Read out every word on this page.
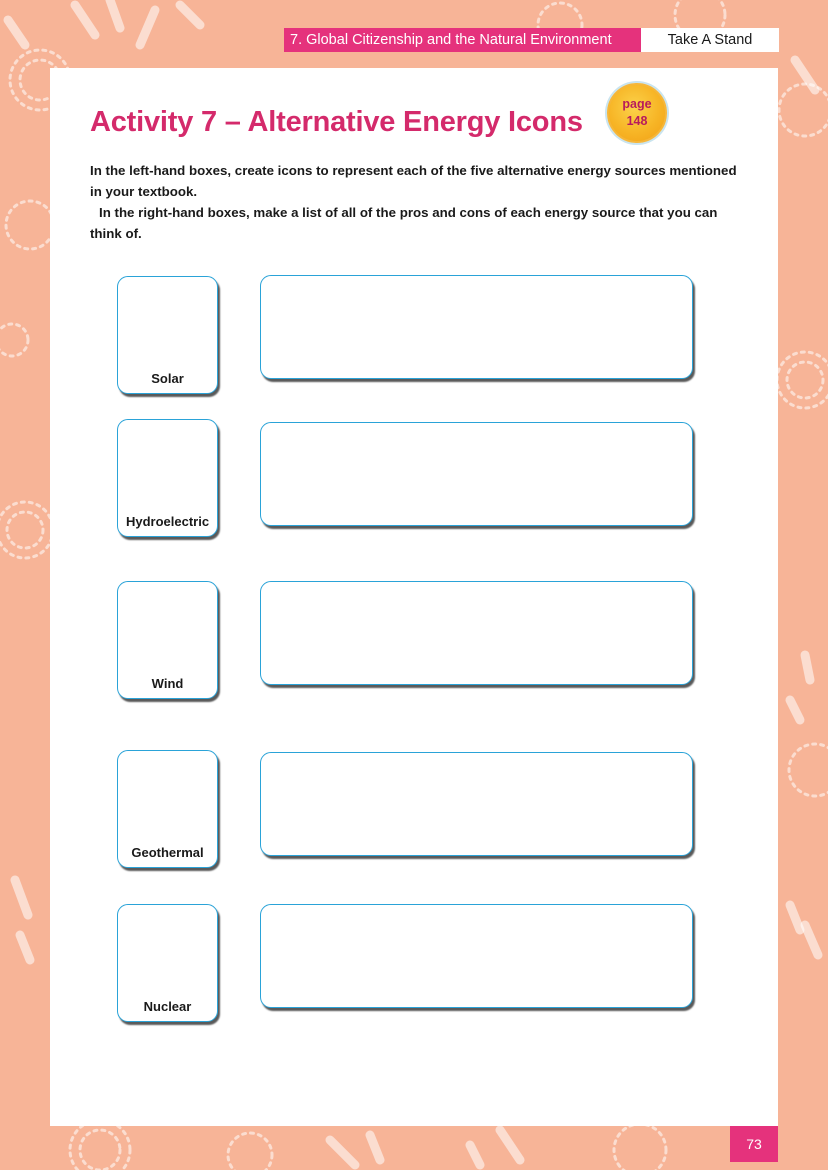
7. Global Citizenship and the Natural Environment	Take A Stand
Activity 7 – Alternative Energy Icons
page
148

In the left-hand boxes, create icons to represent each of the five alternative energy sources mentioned in your textbook.

In the right-hand boxes, make a list of all of the pros and cons of each energy source that you can think of.

Solar
Hydroelectric
Wind
Geothermal
Nuclear
73
